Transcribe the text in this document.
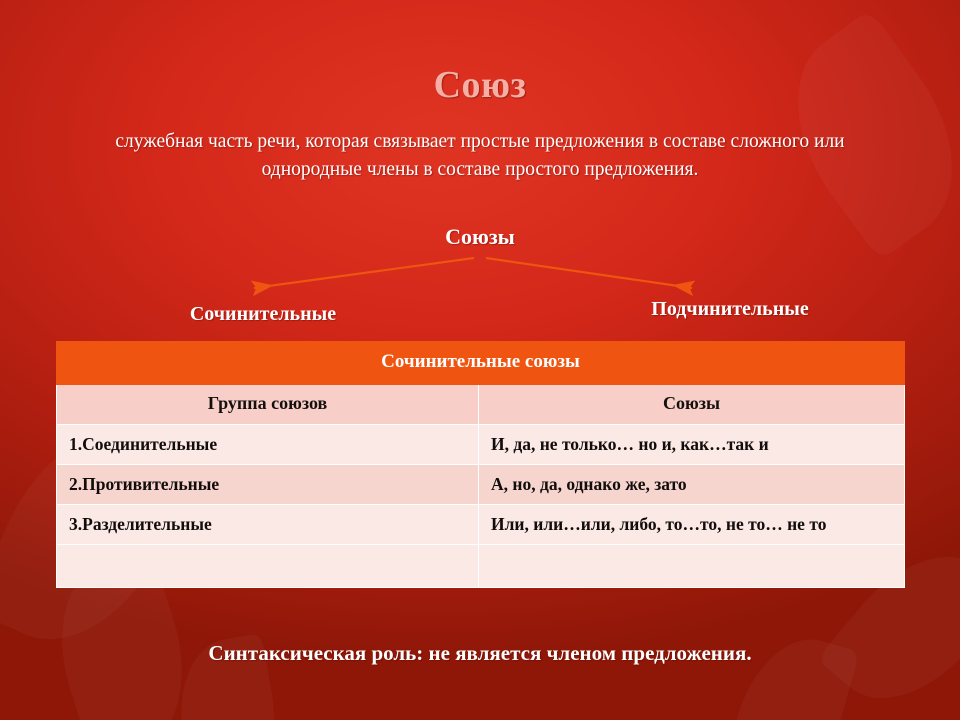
Союз
служебная часть речи, которая связывает простые предложения в составе сложного или однородные члены в составе простого предложения.
Союзы
Сочинительные	Подчинительные
Сочинительные союзы	
Группа союзов	Союзы
1.Соединительные	И, да, не только… но и, как…так и
2.Противительные	А, но, да, однако же, зато
3.Разделительные	Или, или…или, либо, то…то, не то… не то

Синтаксическая роль: не является членом предложения.
